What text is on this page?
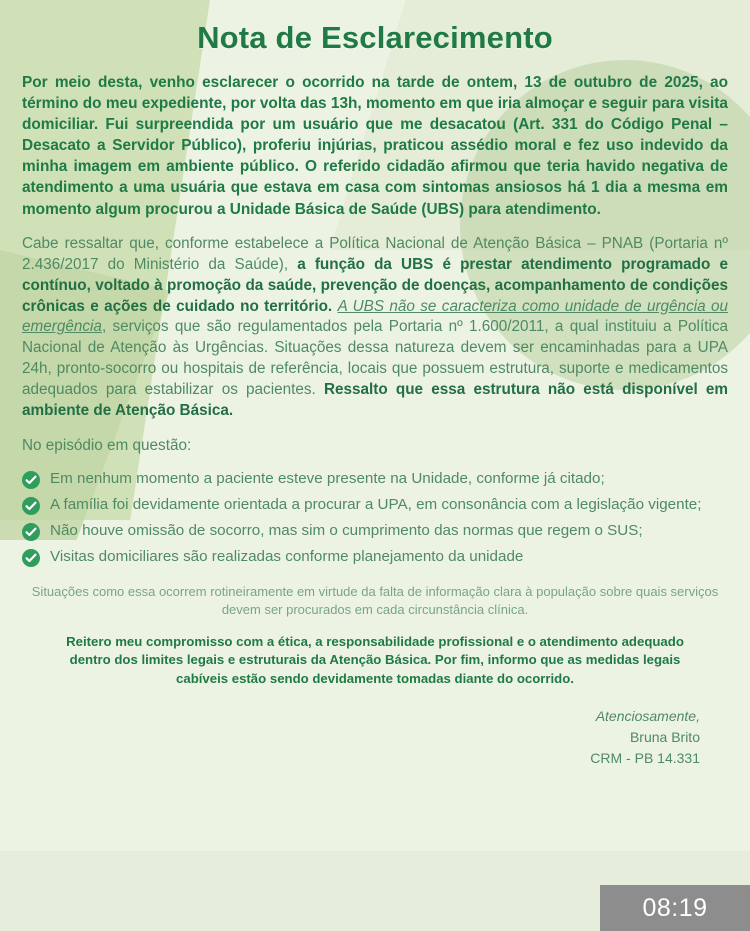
Nota de Esclarecimento

Por meio desta, venho esclarecer o ocorrido na tarde de ontem, 13 de outubro de 2025, ao término do meu expediente, por volta das 13h, momento em que iria almoçar e seguir para visita domiciliar. Fui surpreendida por um usuário que me desacatou (Art. 331 do Código Penal – Desacato a Servidor Público), proferiu injúrias, praticou assédio moral e fez uso indevido da minha imagem em ambiente público. O referido cidadão afirmou que teria havido negativa de atendimento a uma usuária que estava em casa com sintomas ansiosos há 1 dia a mesma em momento algum procurou a Unidade Básica de Saúde (UBS) para atendimento.

Cabe ressaltar que, conforme estabelece a Política Nacional de Atenção Básica – PNAB (Portaria nº 2.436/2017 do Ministério da Saúde), a função da UBS é prestar atendimento programado e contínuo, voltado à promoção da saúde, prevenção de doenças, acompanhamento de condições crônicas e ações de cuidado no território. A UBS não se caracteriza como unidade de urgência ou emergência, serviços que são regulamentados pela Portaria nº 1.600/2011, a qual instituiu a Política Nacional de Atenção às Urgências. Situações dessa natureza devem ser encaminhadas para a UPA 24h, pronto-socorro ou hospitais de referência, locais que possuem estrutura, suporte e medicamentos adequados para estabilizar os pacientes. Ressalto que essa estrutura não está disponível em ambiente de Atenção Básica.

No episódio em questão:

Em nenhum momento a paciente esteve presente na Unidade, conforme já citado;
A família foi devidamente orientada a procurar a UPA, em consonância com a legislação vigente;
Não houve omissão de socorro, mas sim o cumprimento das normas que regem o SUS;
Visitas domiciliares são realizadas conforme planejamento da unidade

Situações como essa ocorrem rotineiramente em virtude da falta de informação clara à população sobre quais serviços devem ser procurados em cada circunstância clínica.

Reitero meu compromisso com a ética, a responsabilidade profissional e o atendimento adequado dentro dos limites legais e estruturais da Atenção Básica. Por fim, informo que as medidas legais cabíveis estão sendo devidamente tomadas diante do ocorrido.

Atenciosamente,
Bruna Brito
CRM - PB 14.331
08:19
